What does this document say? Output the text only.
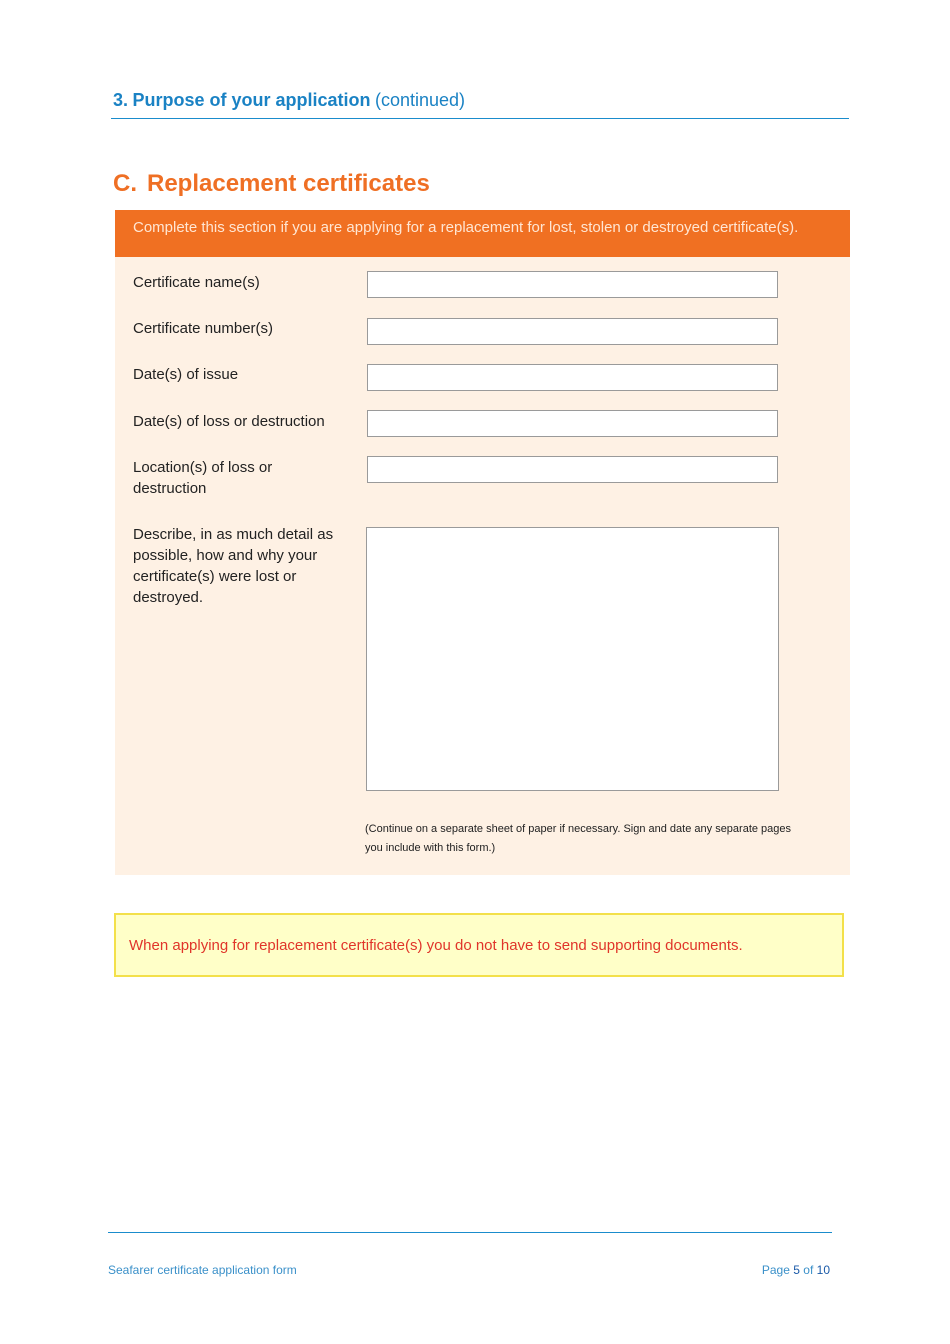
3. Purpose of your application (continued)
C. Replacement certificates
Complete this section if you are applying for a replacement for lost, stolen or destroyed certificate(s).
Certificate name(s)
Certificate number(s)
Date(s) of issue
Date(s) of loss or destruction
Location(s) of loss or destruction
Describe, in as much detail as possible, how and why your certificate(s) were lost or destroyed.
(Continue on a separate sheet of paper if necessary. Sign and date any separate pages you include with this form.)
When applying for replacement certificate(s) you do not have to send supporting documents.
Seafarer certificate application form	Page 5 of 10
